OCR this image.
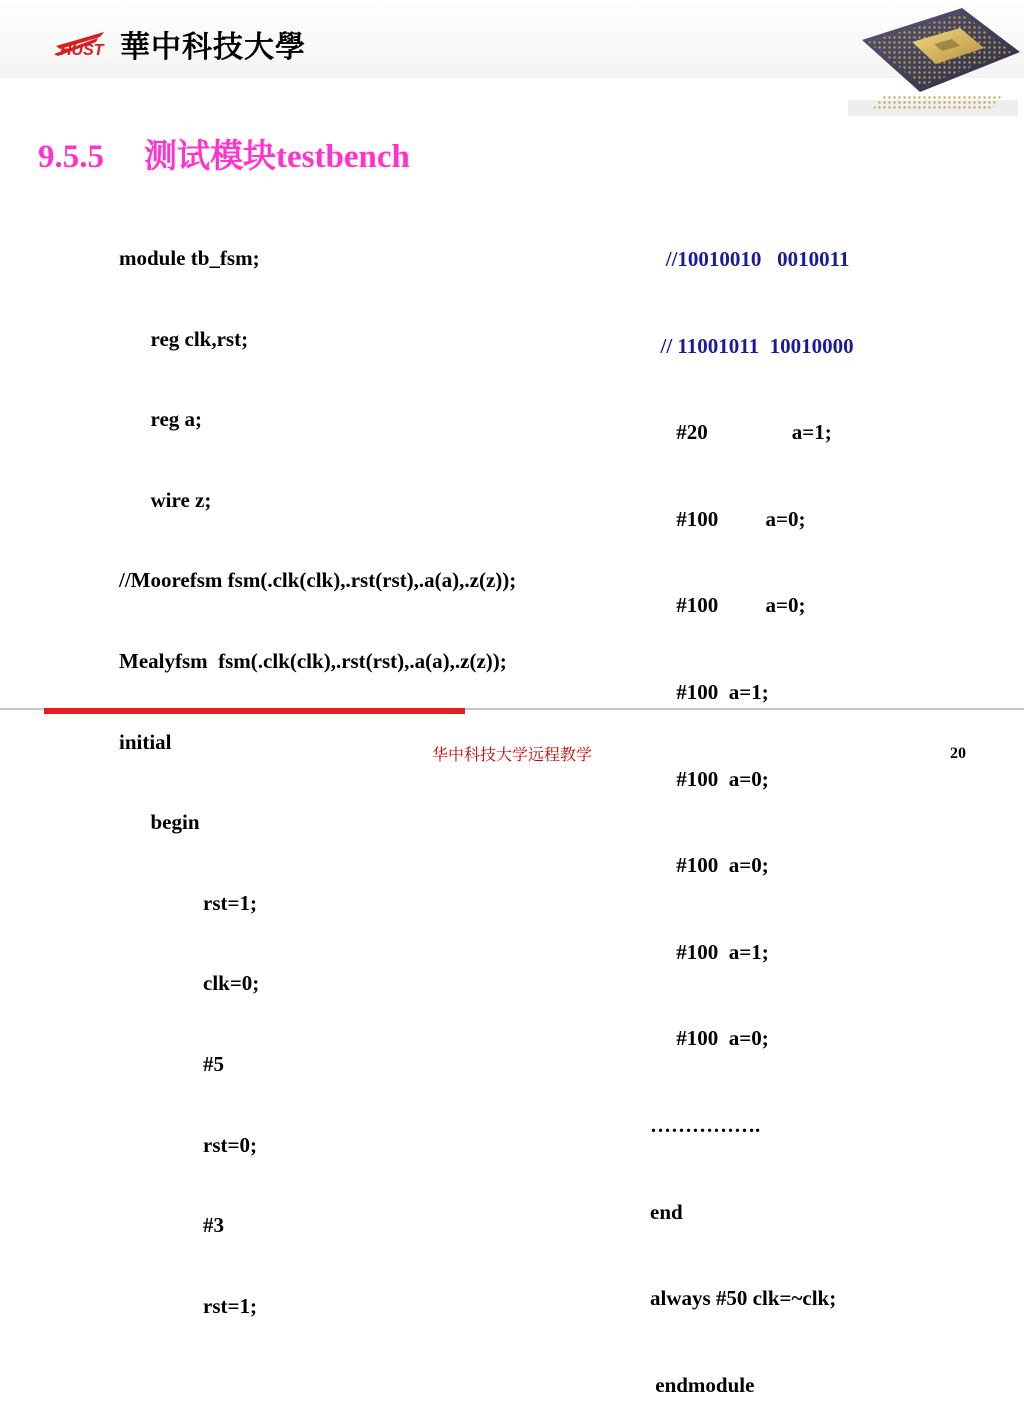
HUST 華中科技大學
9.5.5 测试模块testbench

module tb_fsm;

reg clk,rst;

reg a;

wire z;

//Moorefsm fsm(.clk(clk),.rst(rst),.a(a),.z(z));

Mealyfsm  fsm(.clk(clk),.rst(rst),.a(a),.z(z));

initial

begin

rst=1;

clk=0;

#5

rst=0;

#3

rst=1;

//10010010   0010011

// 11001011  10010000

#20                a=1;

#100         a=0;

#100         a=0;

#100  a=1;

#100  a=0;

#100  a=0;

#100  a=1;

#100  a=0;

…………….

end

always #50 clk=~clk;

endmodule

华中科技大学远程教学	20
